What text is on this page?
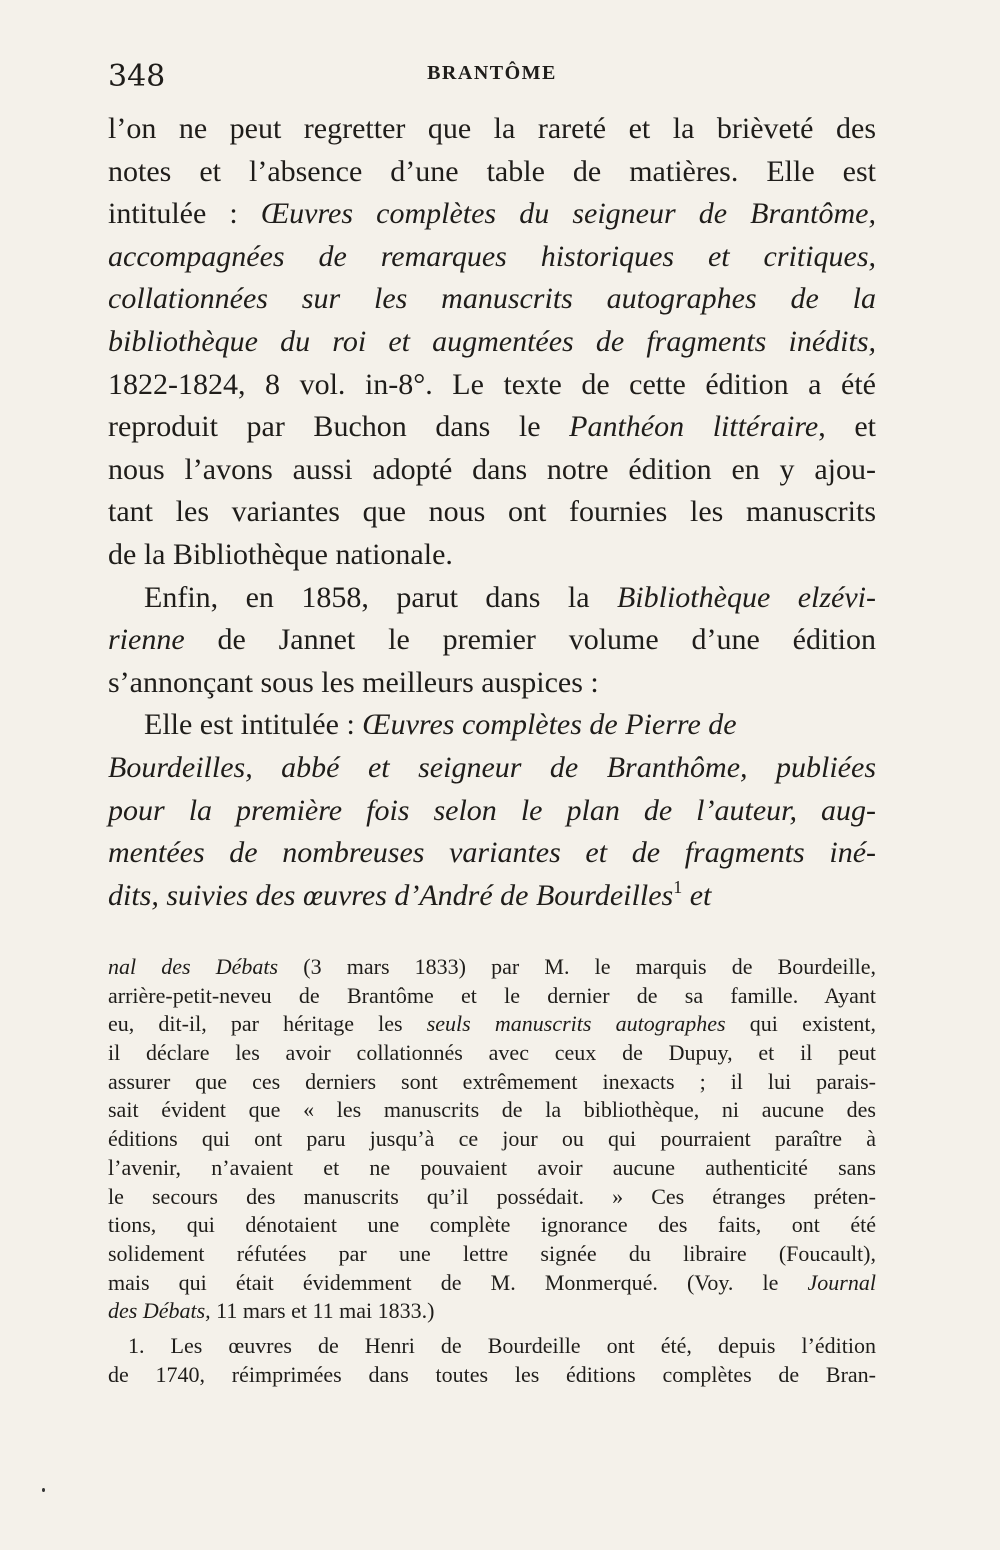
348	BRANTÔME
l’on ne peut regretter que la rareté et la brièveté des
notes et l’absence d’une table de matières. Elle est
intitulée : Œuvres complètes du seigneur de Brantôme,
accompagnées de remarques historiques et critiques,
collationnées sur les manuscrits autographes de la
bibliothèque du roi et augmentées de fragments inédits,
1822-1824, 8 vol. in-8°. Le texte de cette édition a été
reproduit par Buchon dans le Panthéon littéraire, et
nous l’avons aussi adopté dans notre édition en y ajou-
tant les variantes que nous ont fournies les manuscrits
de la Bibliothèque nationale.
Enfin, en 1858, parut dans la Bibliothèque elzévi-
rienne de Jannet le premier volume d’une édition
s’annonçant sous les meilleurs auspices :
Elle est intitulée : Œuvres complètes de Pierre de
Bourdeilles, abbé et seigneur de Branthôme, publiées
pour la première fois selon le plan de l’auteur, aug-
mentées de nombreuses variantes et de fragments iné-
dits, suivies des œuvres d’André de Bourdeilles$^1$ et
nal des Débats (3 mars 1833) par M. le marquis de Bourdeille,
arrière-petit-neveu de Brantôme et le dernier de sa famille. Ayant
eu, dit-il, par héritage les seuls manuscrits autographes qui existent,
il déclare les avoir collationnés avec ceux de Dupuy, et il peut
assurer que ces derniers sont extrêmement inexacts ; il lui parais-
sait évident que « les manuscrits de la bibliothèque, ni aucune des
éditions qui ont paru jusqu’à ce jour ou qui pourraient paraître à
l’avenir, n’avaient et ne pouvaient avoir aucune authenticité sans
le secours des manuscrits qu’il possédait. » Ces étranges préten-
tions, qui dénotaient une complète ignorance des faits, ont été
solidement réfutées par une lettre signée du libraire (Foucault),
mais qui était évidemment de M. Monmerqué. (Voy. le Journal
des Débats, 11 mars et 11 mai 1833.)
1. Les œuvres de Henri de Bourdeille ont été, depuis l’édition
de 1740, réimprimées dans toutes les éditions complètes de Bran-
